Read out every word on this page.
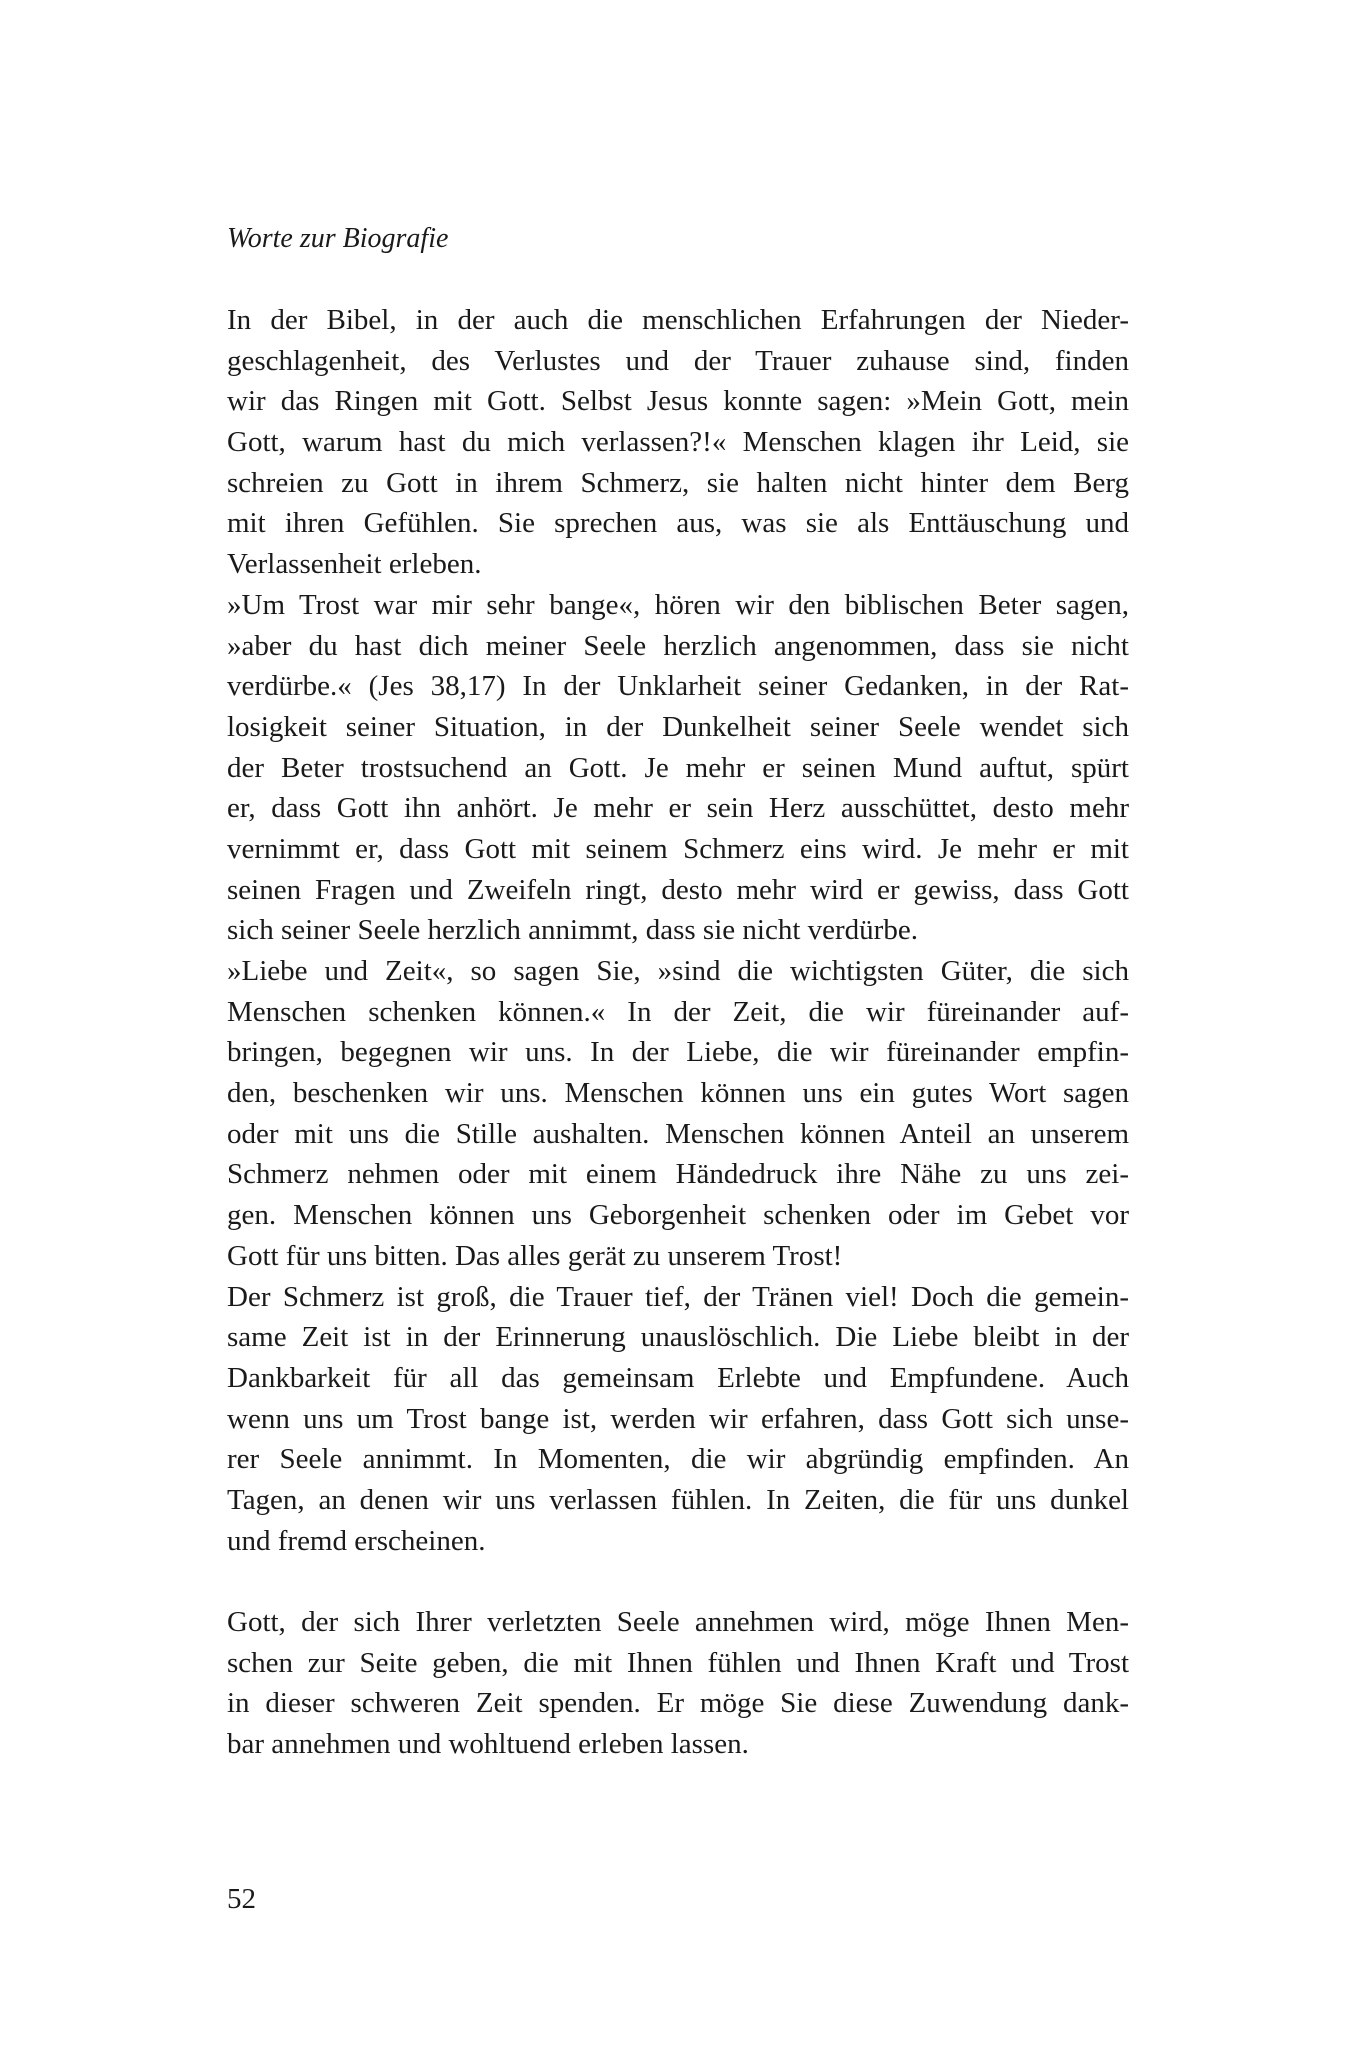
Worte zur Biografie
In der Bibel, in der auch die menschlichen Erfahrungen der Nieder-
geschlagenheit, des Verlustes und der Trauer zuhause sind, finden
wir das Ringen mit Gott. Selbst Jesus konnte sagen: »Mein Gott, mein
Gott, warum hast du mich verlassen?!« Menschen klagen ihr Leid, sie
schreien zu Gott in ihrem Schmerz, sie halten nicht hinter dem Berg
mit ihren Gefühlen. Sie sprechen aus, was sie als Enttäuschung und
Verlassenheit erleben.
»Um Trost war mir sehr bange«, hören wir den biblischen Beter sagen,
»aber du hast dich meiner Seele herzlich angenommen, dass sie nicht
verdürbe.« (Jes 38,17) In der Unklarheit seiner Gedanken, in der Rat-
losigkeit seiner Situation, in der Dunkelheit seiner Seele wendet sich
der Beter trostsuchend an Gott. Je mehr er seinen Mund auftut, spürt
er, dass Gott ihn anhört. Je mehr er sein Herz ausschüttet, desto mehr
vernimmt er, dass Gott mit seinem Schmerz eins wird. Je mehr er mit
seinen Fragen und Zweifeln ringt, desto mehr wird er gewiss, dass Gott
sich seiner Seele herzlich annimmt, dass sie nicht verdürbe.
»Liebe und Zeit«, so sagen Sie, »sind die wichtigsten Güter, die sich
Menschen schenken können.« In der Zeit, die wir füreinander auf-
bringen, begegnen wir uns. In der Liebe, die wir füreinander empfin-
den, beschenken wir uns. Menschen können uns ein gutes Wort sagen
oder mit uns die Stille aushalten. Menschen können Anteil an unserem
Schmerz nehmen oder mit einem Händedruck ihre Nähe zu uns zei-
gen. Menschen können uns Geborgenheit schenken oder im Gebet vor
Gott für uns bitten. Das alles gerät zu unserem Trost!
Der Schmerz ist groß, die Trauer tief, der Tränen viel! Doch die gemein-
same Zeit ist in der Erinnerung unauslöschlich. Die Liebe bleibt in der
Dankbarkeit für all das gemeinsam Erlebte und Empfundene. Auch
wenn uns um Trost bange ist, werden wir erfahren, dass Gott sich unse-
rer Seele annimmt. In Momenten, die wir abgründig empfinden. An
Tagen, an denen wir uns verlassen fühlen. In Zeiten, die für uns dunkel
und fremd erscheinen.
Gott, der sich Ihrer verletzten Seele annehmen wird, möge Ihnen Men-
schen zur Seite geben, die mit Ihnen fühlen und Ihnen Kraft und Trost
in dieser schweren Zeit spenden. Er möge Sie diese Zuwendung dank-
bar annehmen und wohltuend erleben lassen.

52
